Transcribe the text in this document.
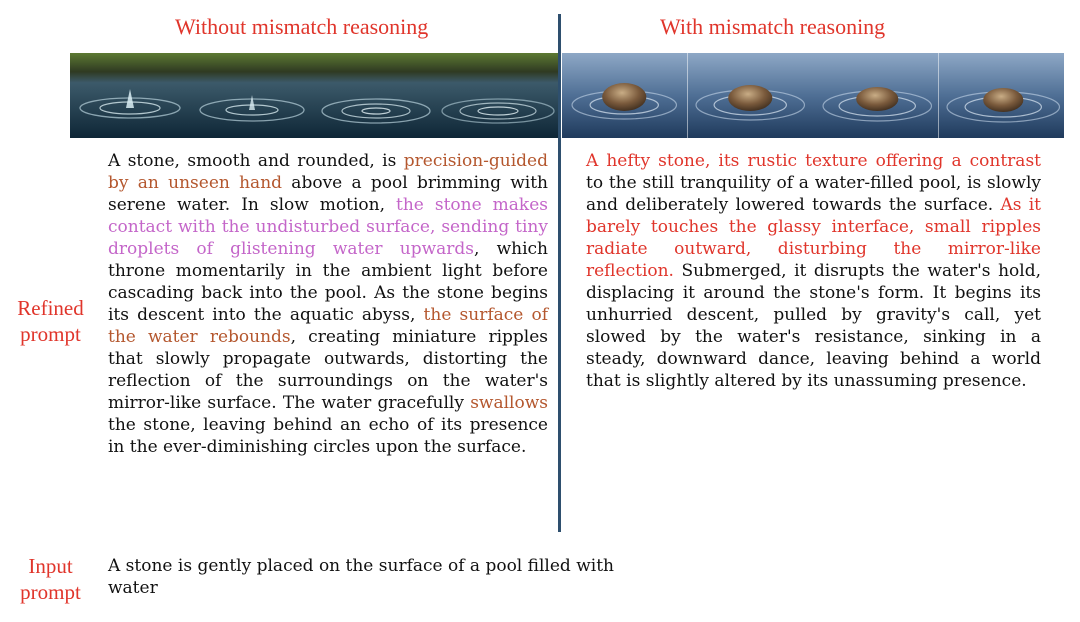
Without mismatch reasoning	With mismatch reasoning
A stone, smooth and rounded, is precision-guided by an unseen hand above a pool brimming with serene water. In slow motion, the stone makes contact with the undisturbed surface, sending tiny droplets of glistening water upwards, which throne momentarily in the ambient light before cascading back into the pool. As the stone begins its descent into the aquatic abyss, the surface of the water rebounds, creating miniature ripples that slowly propagate outwards, distorting the reflection of the surroundings on the water's mirror-like surface. The water gracefully swallows the stone, leaving behind an echo of its presence in the ever-diminishing circles upon the surface.
A hefty stone, its rustic texture offering a contrast to the still tranquility of a water-filled pool, is slowly and deliberately lowered towards the surface. As it barely touches the glassy interface, small ripples radiate outward, disturbing the mirror-like reflection. Submerged, it disrupts the water's hold, displacing it around the stone's form. It begins its unhurried descent, pulled by gravity's call, yet slowed by the water's resistance, sinking in a steady, downward dance, leaving behind a world that is slightly altered by its unassuming presence.
Refined prompt
Input prompt
A stone is gently placed on the surface of a pool filled with water
